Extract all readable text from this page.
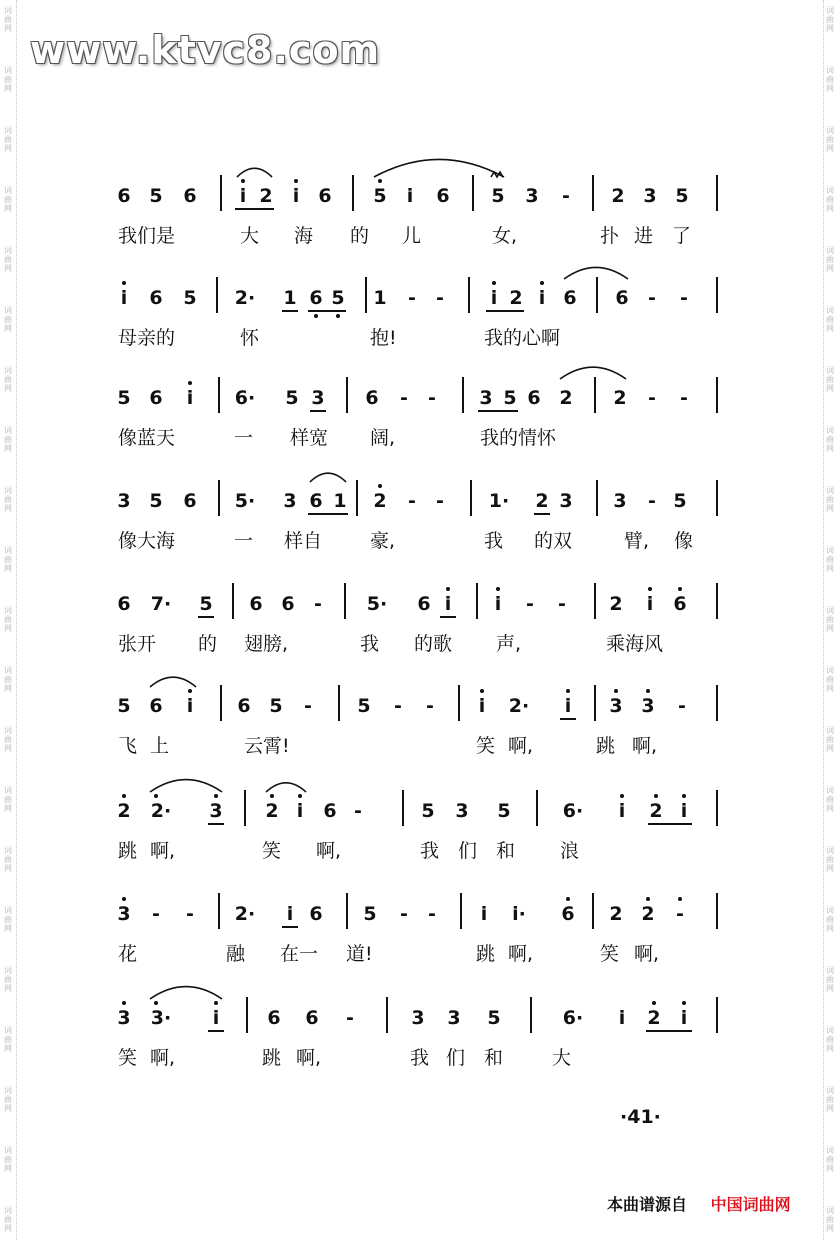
词曲网
词曲网
词曲网
词曲网
词曲网
词曲网
词曲网
词曲网
词曲网
词曲网
词曲网
词曲网
词曲网
词曲网
词曲网
词曲网
词曲网
词曲网
词曲网
词曲网
词曲网
词曲网
词曲网
词曲网
词曲网
词曲网
词曲网
词曲网
词曲网
词曲网
词曲网
词曲网
词曲网
词曲网
词曲网
词曲网
词曲网
词曲网
词曲网
词曲网
词曲网
词曲网
www.ktvc8.com
6 5 6	i 2	i	6 5	i	6 5 3	-	2 3 5
我们是	大 海 的 儿	女,	扑 进 了
i	6 5 2· 1 6 5 1	-	-	i 2 i 6 6	-	-
母亲的	怀	抱!	我的心啊
5 6	i	6· 5 3 6	-	-	3 5 6 2 2	-	-
像蓝天	一 样宽 阔,	我的情怀
3 5 6 5· 3 6 1 2	-	-	1· 2 3 3	- 5
像大海	一 样自	豪,	我 的双	臂, 像
6 7· 5 6 6	-	5· 6 i	i	-	-	2	i	6
张开 的 翅膀,	我 的歌 声,	乘海风
5 6	i	6 5	-	5	-	-	i	2·	i	3 3	-
飞 上	云霄!	笑 啊,	跳 啊,
2 2· 3 2 i	6 -	5 3 5	6·	i	2 i
跳 啊,	笑 啊,	我 们 和 浪
3	-	-	2·	i 6 5	-	-	i	i·	6 2 2	-
花	融 在一 道!	跳 啊,	笑 啊,
3 3·	i	6 6	-	3 3 5	6·	i	2	i
笑 啊,	跳 啊,	我 们 和	大
·41·
本曲谱源自 中国词曲网
